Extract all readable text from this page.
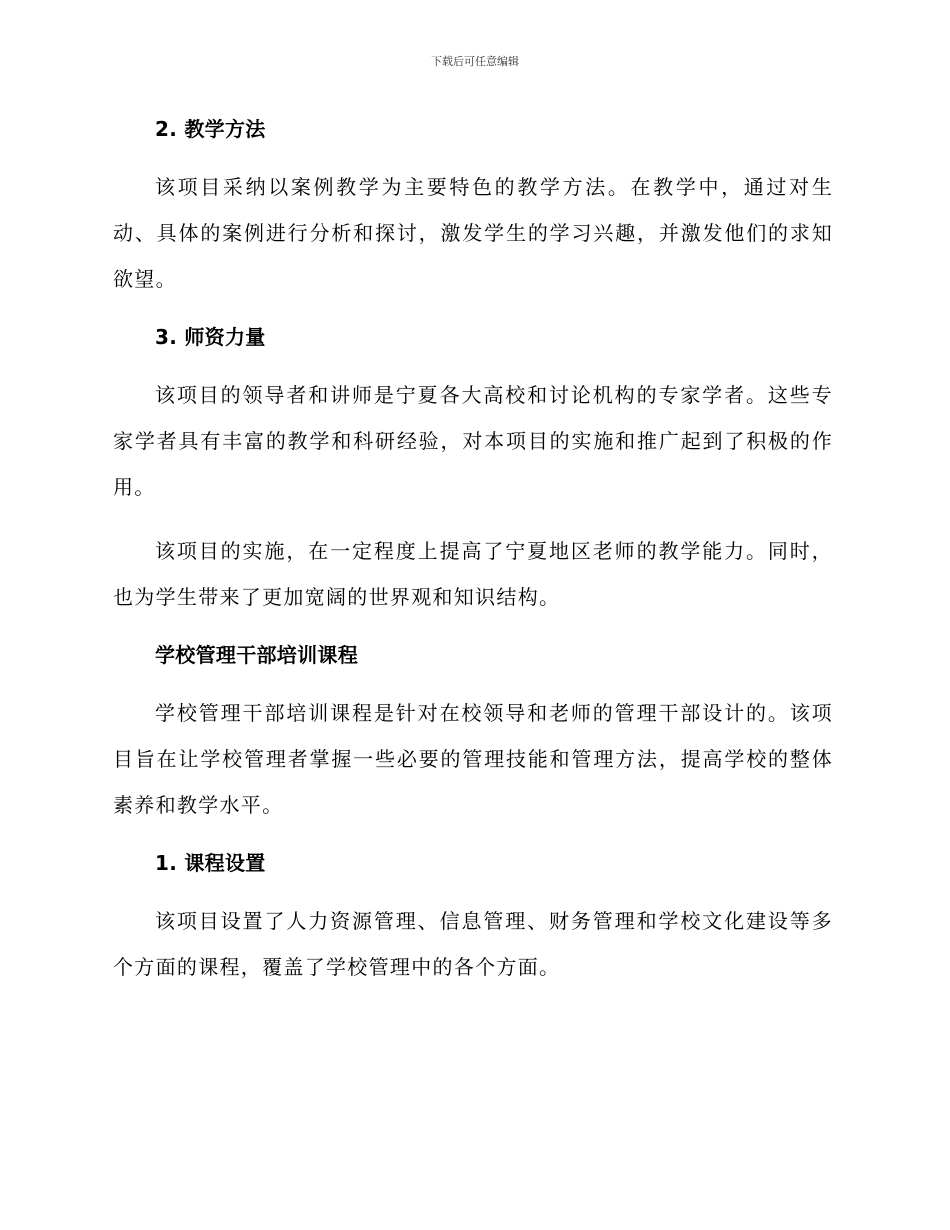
下载后可任意编辑
2. 教学方法

该项目采纳以案例教学为主要特色的教学方法。在教学中，通过对生动、具体的案例进行分析和探讨，激发学生的学习兴趣，并激发他们的求知欲望。

3. 师资力量

该项目的领导者和讲师是宁夏各大高校和讨论机构的专家学者。这些专家学者具有丰富的教学和科研经验，对本项目的实施和推广起到了积极的作用。

该项目的实施，在一定程度上提高了宁夏地区老师的教学能力。同时，也为学生带来了更加宽阔的世界观和知识结构。

学校管理干部培训课程

学校管理干部培训课程是针对在校领导和老师的管理干部设计的。该项目旨在让学校管理者掌握一些必要的管理技能和管理方法，提高学校的整体素养和教学水平。

1. 课程设置

该项目设置了人力资源管理、信息管理、财务管理和学校文化建设等多个方面的课程，覆盖了学校管理中的各个方面。
